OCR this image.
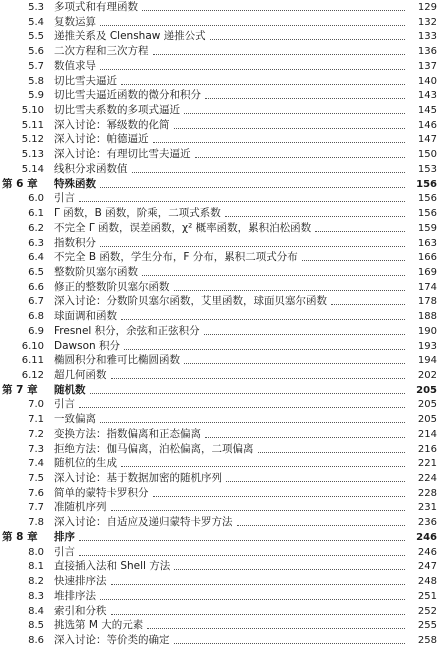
5.3 多项式和有理函数	129
5.4 复数运算	132
5.5 递推关系及 Clenshaw 递推公式	133
5.6 二次方程和三次方程	136
5.7 数值求导	137
5.8 切比雪夫逼近	140
5.9 切比雪夫逼近函数的微分和积分	143
5.10 切比雪夫系数的多项式逼近	145
5.11 深入讨论：幂级数的化简	146
5.12 深入讨论：帕德逼近	147
5.13 深入讨论：有理切比雪夫逼近	150
5.14 线积分求函数值	153
第 6 章	特殊函数	156
6.0 引言	156
6.1 Γ 函数，B 函数，阶乘，二项式系数	156
6.2 不完全 Γ 函数，误差函数，χ² 概率函数，累积泊松函数	159
6.3 指数积分	163
6.4 不完全 B 函数，学生分布，F 分布，累积二项式分布	166
6.5 整数阶贝塞尔函数	169
6.6 修正的整数阶贝塞尔函数	174
6.7 深入讨论：分数阶贝塞尔函数，艾里函数，球面贝塞尔函数	178
6.8 球面调和函数	188
6.9 Fresnel 积分，余弦和正弦积分	190
6.10 Dawson 积分	193
6.11 椭圆积分和雅可比椭圆函数	194
6.12 超几何函数	202
第 7 章	随机数	205
7.0 引言	205
7.1 一致偏离	205
7.2 变换方法：指数偏离和正态偏离	214
7.3 拒绝方法：伽马偏离，泊松偏离，二项偏离	216
7.4 随机位的生成	221
7.5 深入讨论：基于数据加密的随机序列	224
7.6 简单的蒙特卡罗积分	228
7.7 准随机序列	231
7.8 深入讨论：自适应及递归蒙特卡罗方法	236
第 8 章	排序	246
8.0 引言	246
8.1 直接插入法和 Shell 方法	247
8.2 快速排序法	248
8.3 堆排序法	251
8.4 索引和分秩	252
8.5 挑选第 M 大的元素	255
8.6 深入讨论：等价类的确定	258
